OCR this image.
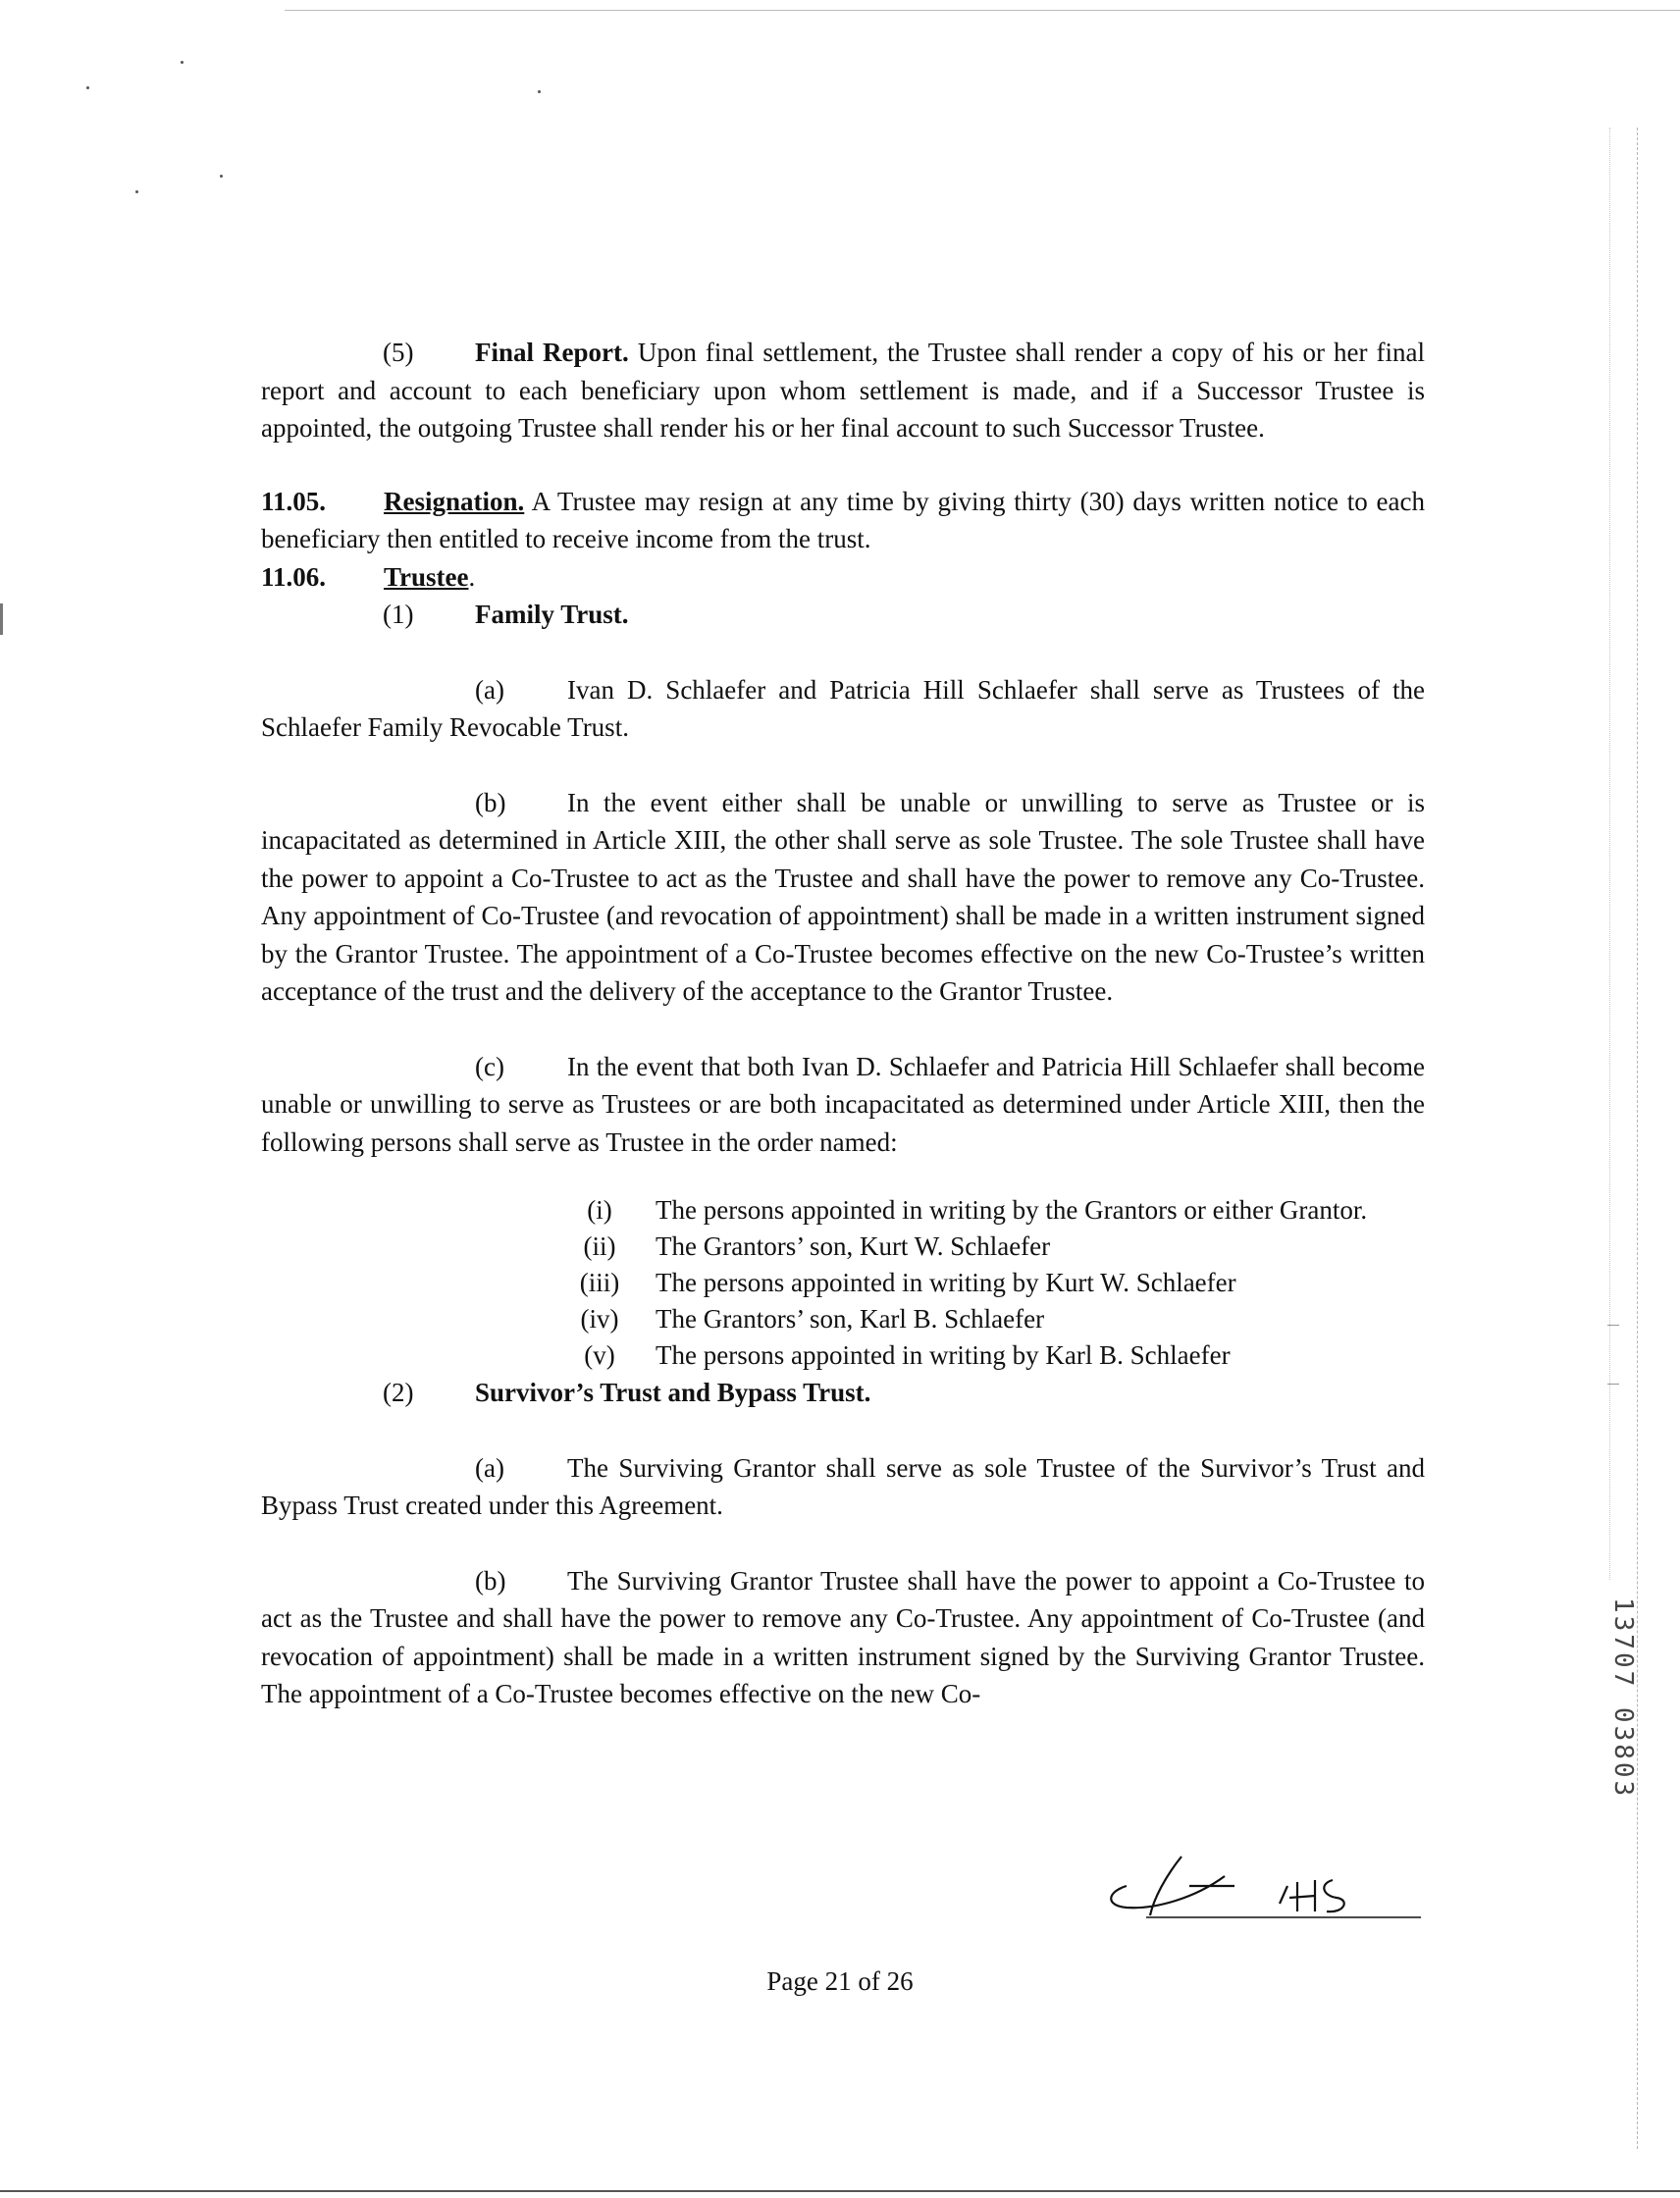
(5) Final Report. Upon final settlement, the Trustee shall render a copy of his or her final report and account to each beneficiary upon whom settlement is made, and if a Successor Trustee is appointed, the outgoing Trustee shall render his or her final account to such Successor Trustee.

11.05. Resignation. A Trustee may resign at any time by giving thirty (30) days written notice to each beneficiary then entitled to receive income from the trust.

11.06. Trustee.

(1) Family Trust.

(a) Ivan D. Schlaefer and Patricia Hill Schlaefer shall serve as Trustees of the Schlaefer Family Revocable Trust.

(b) In the event either shall be unable or unwilling to serve as Trustee or is incapacitated as determined in Article XIII, the other shall serve as sole Trustee. The sole Trustee shall have the power to appoint a Co-Trustee to act as the Trustee and shall have the power to remove any Co-Trustee. Any appointment of Co-Trustee (and revocation of appointment) shall be made in a written instrument signed by the Grantor Trustee. The appointment of a Co-Trustee becomes effective on the new Co-Trustee’s written acceptance of the trust and the delivery of the acceptance to the Grantor Trustee.

(c) In the event that both Ivan D. Schlaefer and Patricia Hill Schlaefer shall become unable or unwilling to serve as Trustees or are both incapacitated as determined under Article XIII, then the following persons shall serve as Trustee in the order named:

(i)	The persons appointed in writing by the Grantors or either Grantor.
(ii)	The Grantors’ son, Kurt W. Schlaefer
(iii)	The persons appointed in writing by Kurt W. Schlaefer
(iv)	The Grantors’ son, Karl B. Schlaefer
(v)	The persons appointed in writing by Karl B. Schlaefer

(2) Survivor’s Trust and Bypass Trust.

(a) The Surviving Grantor shall serve as sole Trustee of the Survivor’s Trust and Bypass Trust created under this Agreement.

(b) The Surviving Grantor Trustee shall have the power to appoint a Co-Trustee to act as the Trustee and shall have the power to remove any Co-Trustee. Any appointment of Co-Trustee (and revocation of appointment) shall be made in a written instrument signed by the Surviving Grantor Trustee. The appointment of a Co-Trustee becomes effective on the new Co-

Page 21 of 26
13707 03803
